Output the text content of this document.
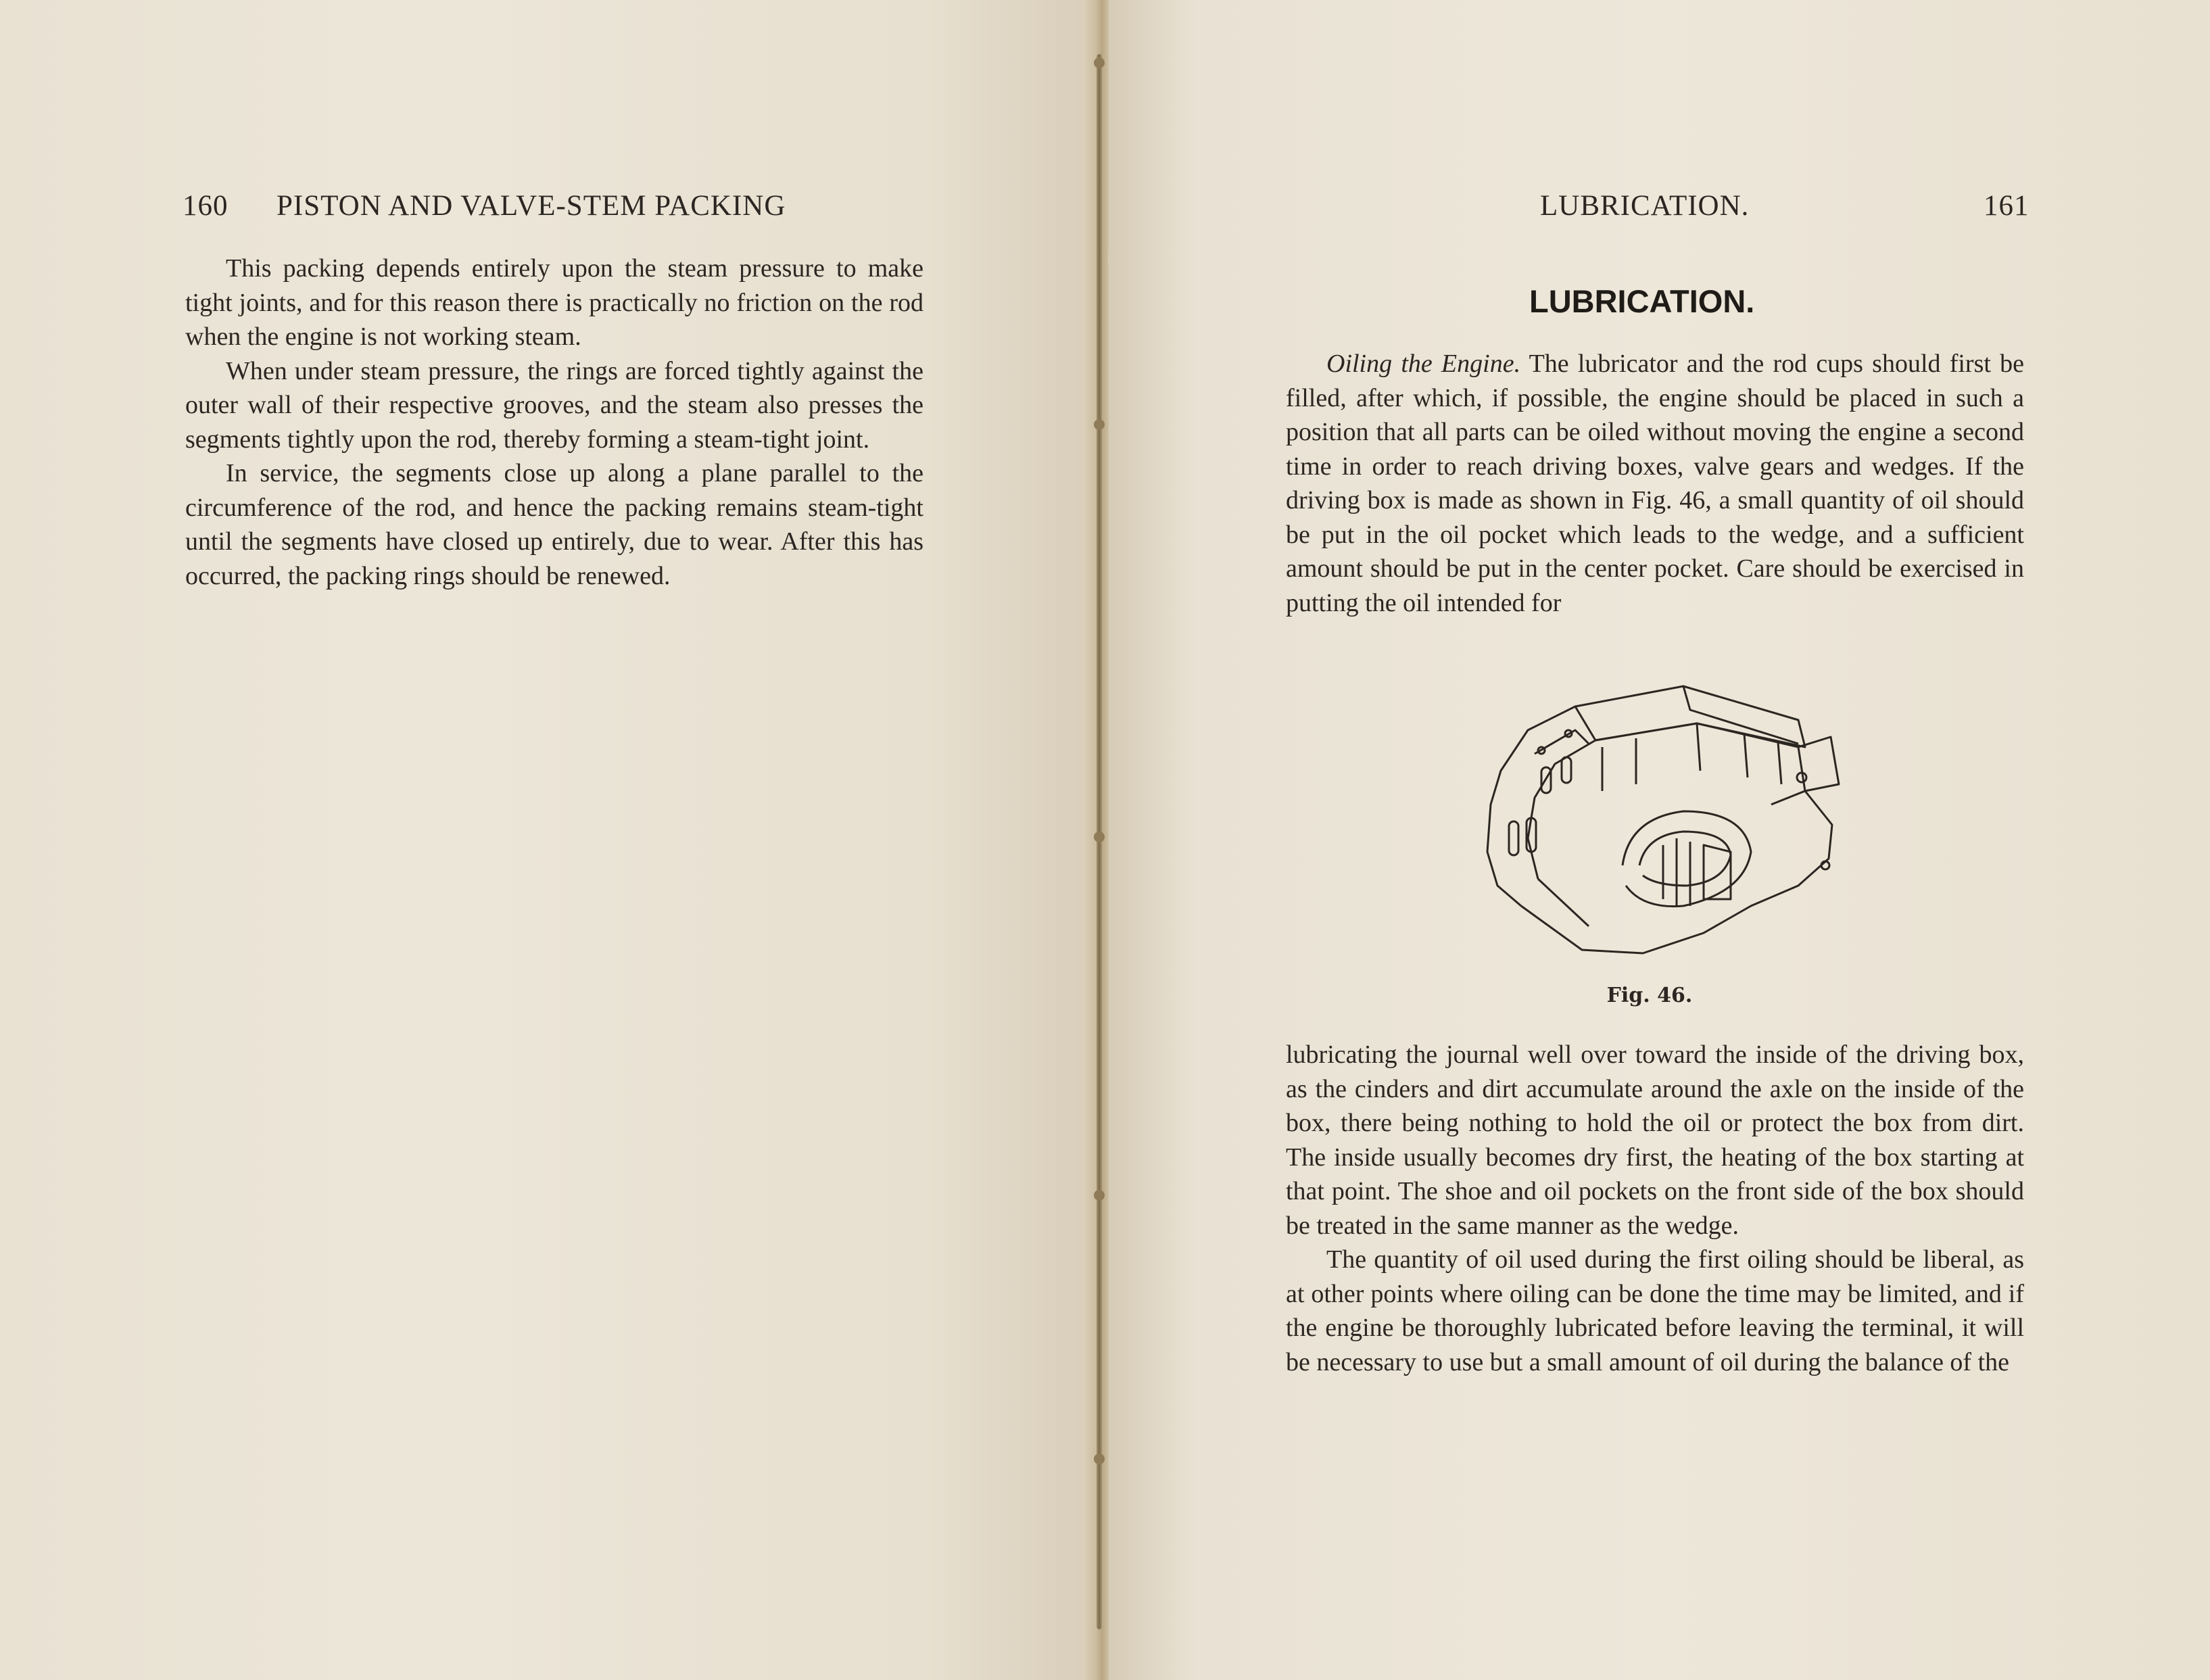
160 PISTON AND VALVE-STEM PACKING

This packing depends entirely upon the steam pressure to make tight joints, and for this reason there is practically no friction on the rod when the engine is not working steam.

When under steam pressure, the rings are forced tightly against the outer wall of their respective grooves, and the steam also presses the segments tightly upon the rod, thereby forming a steam-tight joint.

In service, the segments close up along a plane parallel to the circumference of the rod, and hence the packing remains steam-tight until the segments have closed up entirely, due to wear. After this has occurred, the packing rings should be renewed.

LUBRICATION.	161
LUBRICATION.

Oiling the Engine. The lubricator and the rod cups should first be filled, after which, if possible, the engine should be placed in such a position that all parts can be oiled without moving the engine a second time in order to reach driving boxes, valve gears and wedges. If the driving box is made as shown in Fig. 46, a small quantity of oil should be put in the oil pocket which leads to the wedge, and a sufficient amount should be put in the center pocket. Care should be exercised in putting the oil intended for

Fig. 46.

lubricating the journal well over toward the inside of the driving box, as the cinders and dirt accumulate around the axle on the inside of the box, there being nothing to hold the oil or protect the box from dirt. The inside usually becomes dry first, the heating of the box starting at that point. The shoe and oil pockets on the front side of the box should be treated in the same manner as the wedge.

The quantity of oil used during the first oiling should be liberal, as at other points where oiling can be done the time may be limited, and if the engine be thoroughly lubricated before leaving the terminal, it will be necessary to use but a small amount of oil during the balance of the
